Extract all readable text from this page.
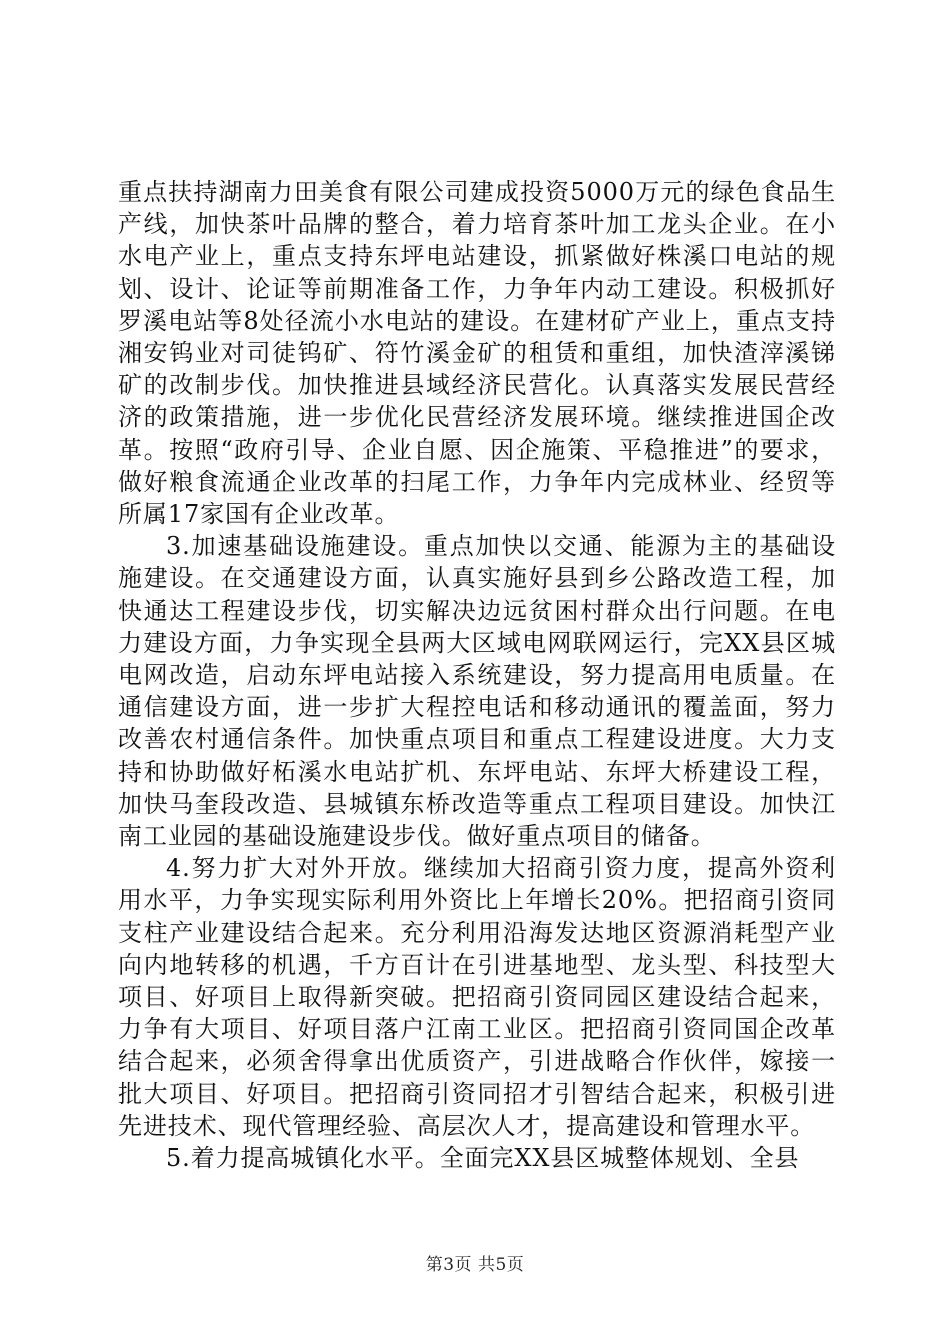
重点扶持湖南力田美食有限公司建成投资5000万元的绿色食品生产线，加快茶叶品牌的整合，着力培育茶叶加工龙头企业。在小水电产业上，重点支持东坪电站建设，抓紧做好株溪口电站的规划、设计、论证等前期准备工作，力争年内动工建设。积极抓好罗溪电站等8处径流小水电站的建设。在建材矿产业上，重点支持湘安钨业对司徒钨矿、符竹溪金矿的租赁和重组，加快渣滓溪锑矿的改制步伐。加快推进县域经济民营化。认真落实发展民营经济的政策措施，进一步优化民营经济发展环境。继续推进国企改革。按照“政府引导、企业自愿、因企施策、平稳推进”的要求，做好粮食流通企业改革的扫尾工作，力争年内完成林业、经贸等所属17家国有企业改革。

3.加速基础设施建设。重点加快以交通、能源为主的基础设施建设。在交通建设方面，认真实施好县到乡公路改造工程，加快通达工程建设步伐，切实解决边远贫困村群众出行问题。在电力建设方面，力争实现全县两大区域电网联网运行，完XX县区城电网改造，启动东坪电站接入系统建设，努力提高用电质量。在通信建设方面，进一步扩大程控电话和移动通讯的覆盖面，努力改善农村通信条件。加快重点项目和重点工程建设进度。大力支持和协助做好柘溪水电站扩机、东坪电站、东坪大桥建设工程，加快马奎段改造、县城镇东桥改造等重点工程项目建设。加快江南工业园的基础设施建设步伐。做好重点项目的储备。

4.努力扩大对外开放。继续加大招商引资力度，提高外资利用水平，力争实现实际利用外资比上年增长20%。把招商引资同支柱产业建设结合起来。充分利用沿海发达地区资源消耗型产业向内地转移的机遇，千方百计在引进基地型、龙头型、科技型大项目、好项目上取得新突破。把招商引资同园区建设结合起来，力争有大项目、好项目落户江南工业区。把招商引资同国企改革结合起来，必须舍得拿出优质资产，引进战略合作伙伴，嫁接一批大项目、好项目。把招商引资同招才引智结合起来，积极引进先进技术、现代管理经验、高层次人才，提高建设和管理水平。

5.着力提高城镇化水平。全面完XX县区城整体规划、全县

第3页 共5页
